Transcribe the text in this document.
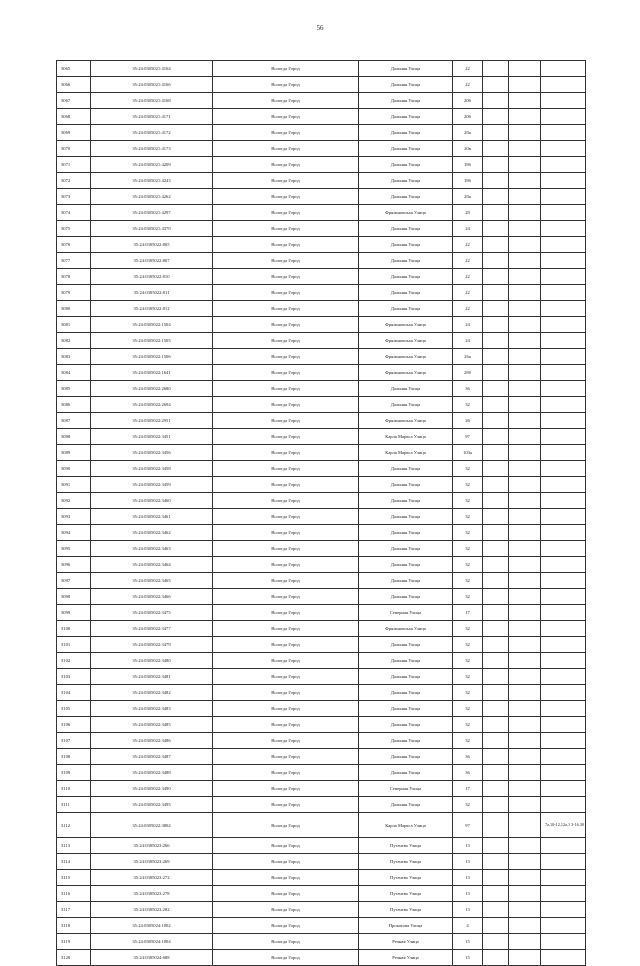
56
3065	35:24:0305021:4164	Вологда Город	Дальняя Улица	22			
3066	35:24:0305021:4166	Вологда Город	Дальняя Улица	22			
3067	35:24:0305021:4168	Вологда Город	Дальняя Улица	20б			
3068	35:24:0305021:4171	Вологда Город	Дальняя Улица	20б			
3069	35:24:0305021:4172	Вологда Город	Дальняя Улица	20а			
3070	35:24:0305021:4173	Вологда Город	Дальняя Улица	20в			
3071	35:24:0305021:4209	Вологда Город	Дальняя Улица	18б			
3072	35:24:0305021:4243	Вологда Город	Дальняя Улица	18б			
3073	35:24:0305021:4262	Вологда Город	Дальняя Улица	20а			
3074	35:24:0305021:4297	Вологда Город	Фрязиновская Улица	29			
3075	35:24:0305021:4370	Вологда Город	Дальняя Улица	24			
3076	35:24:0305022:805	Вологда Город	Дальняя Улица	22			
3077	35:24:0305022:807	Вологда Город	Дальняя Улица	22			
3078	35:24:0305022:810	Вологда Город	Дальняя Улица	22			
3079	35:24:0305022:811	Вологда Город	Дальняя Улица	22			
3080	35:24:0305022:812	Вологда Город	Дальняя Улица	22			
3081	35:24:0305022:1504	Вологда Город	Фрязиновская Улица	24			
3082	35:24:0305022:1505	Вологда Город	Фрязиновская Улица	24			
3083	35:24:0305022:1506	Вологда Город	Фрязиновская Улица	26а			
3084	35:24:0305022:1641	Вологда Город	Фрязиновская Улица	28б			
3085	35:24:0305022:2680	Вологда Город	Дальняя Улица	36			
3086	35:24:0305022:2694	Вологда Город	Дальняя Улица	32			
3087	35:24:0305022:2951	Вологда Город	Фрязиновская Улица	26			
3088	35:24:0305022:3451	Вологда Город	Карла Маркса Улица	97			
3089	35:24:0305022:3456	Вологда Город	Карла Маркса Улица	103а			
3090	35:24:0305022:3458	Вологда Город	Дальняя Улица	32			
3091	35:24:0305022:3459	Вологда Город	Дальняя Улица	32			
3092	35:24:0305022:3460	Вологда Город	Дальняя Улица	32			
3093	35:24:0305022:3461	Вологда Город	Дальняя Улица	32			
3094	35:24:0305022:3462	Вологда Город	Дальняя Улица	32			
3095	35:24:0305022:3463	Вологда Город	Дальняя Улица	32			
3096	35:24:0305022:3464	Вологда Город	Дальняя Улица	32			
3097	35:24:0305022:3465	Вологда Город	Дальняя Улица	32			
3098	35:24:0305022:3466	Вологда Город	Дальняя Улица	32			
3099	35:24:0305022:3475	Вологда Город	Северная Улица	17			
3100	35:24:0305022:3477	Вологда Город	Фрязиновская Улица	32			
3101	35:24:0305022:3479	Вологда Город	Дальняя Улица	32			
3102	35:24:0305022:3480	Вологда Город	Дальняя Улица	32			
3103	35:24:0305022:3481	Вологда Город	Дальняя Улица	32			
3104	35:24:0305022:3482	Вологда Город	Дальняя Улица	32			
3105	35:24:0305022:3483	Вологда Город	Дальняя Улица	32			
3106	35:24:0305022:3485	Вологда Город	Дальняя Улица	32			
3107	35:24:0305022:3486	Вологда Город	Дальняя Улица	32			
3108	35:24:0305022:3487	Вологда Город	Дальняя Улица	36			
3109	35:24:0305022:3488	Вологда Город	Дальняя Улица	36			
3110	35:24:0305022:3490	Вологда Город	Северная Улица	17			
3111	35:24:0305022:3495	Вологда Город	Дальняя Улица	32			
3112	35:24:0305022:3802	Вологда Город	Карла Маркса Улица	97			7а,10-12,12а,1 3-16,30
3113	35:24:0305023:266	Вологда Город	Пугачева Улица	13			
3114	35:24:0305023:269	Вологда Город	Пугачева Улица	13			
3115	35:24:0305023:272	Вологда Город	Пугачева Улица	13			
3116	35:24:0305023:278	Вологда Город	Пугачева Улица	13			
3117	35:24:0305023:282	Вологда Город	Пугачева Улица	13			
3118	35:24:0305024:1002	Вологда Город	Прокатова Улица	4			
3119	35:24:0305024:1004	Вологда Город	Речная Улица	15			
3120	35:24:0305024:688	Вологда Город	Речная Улица	15			
